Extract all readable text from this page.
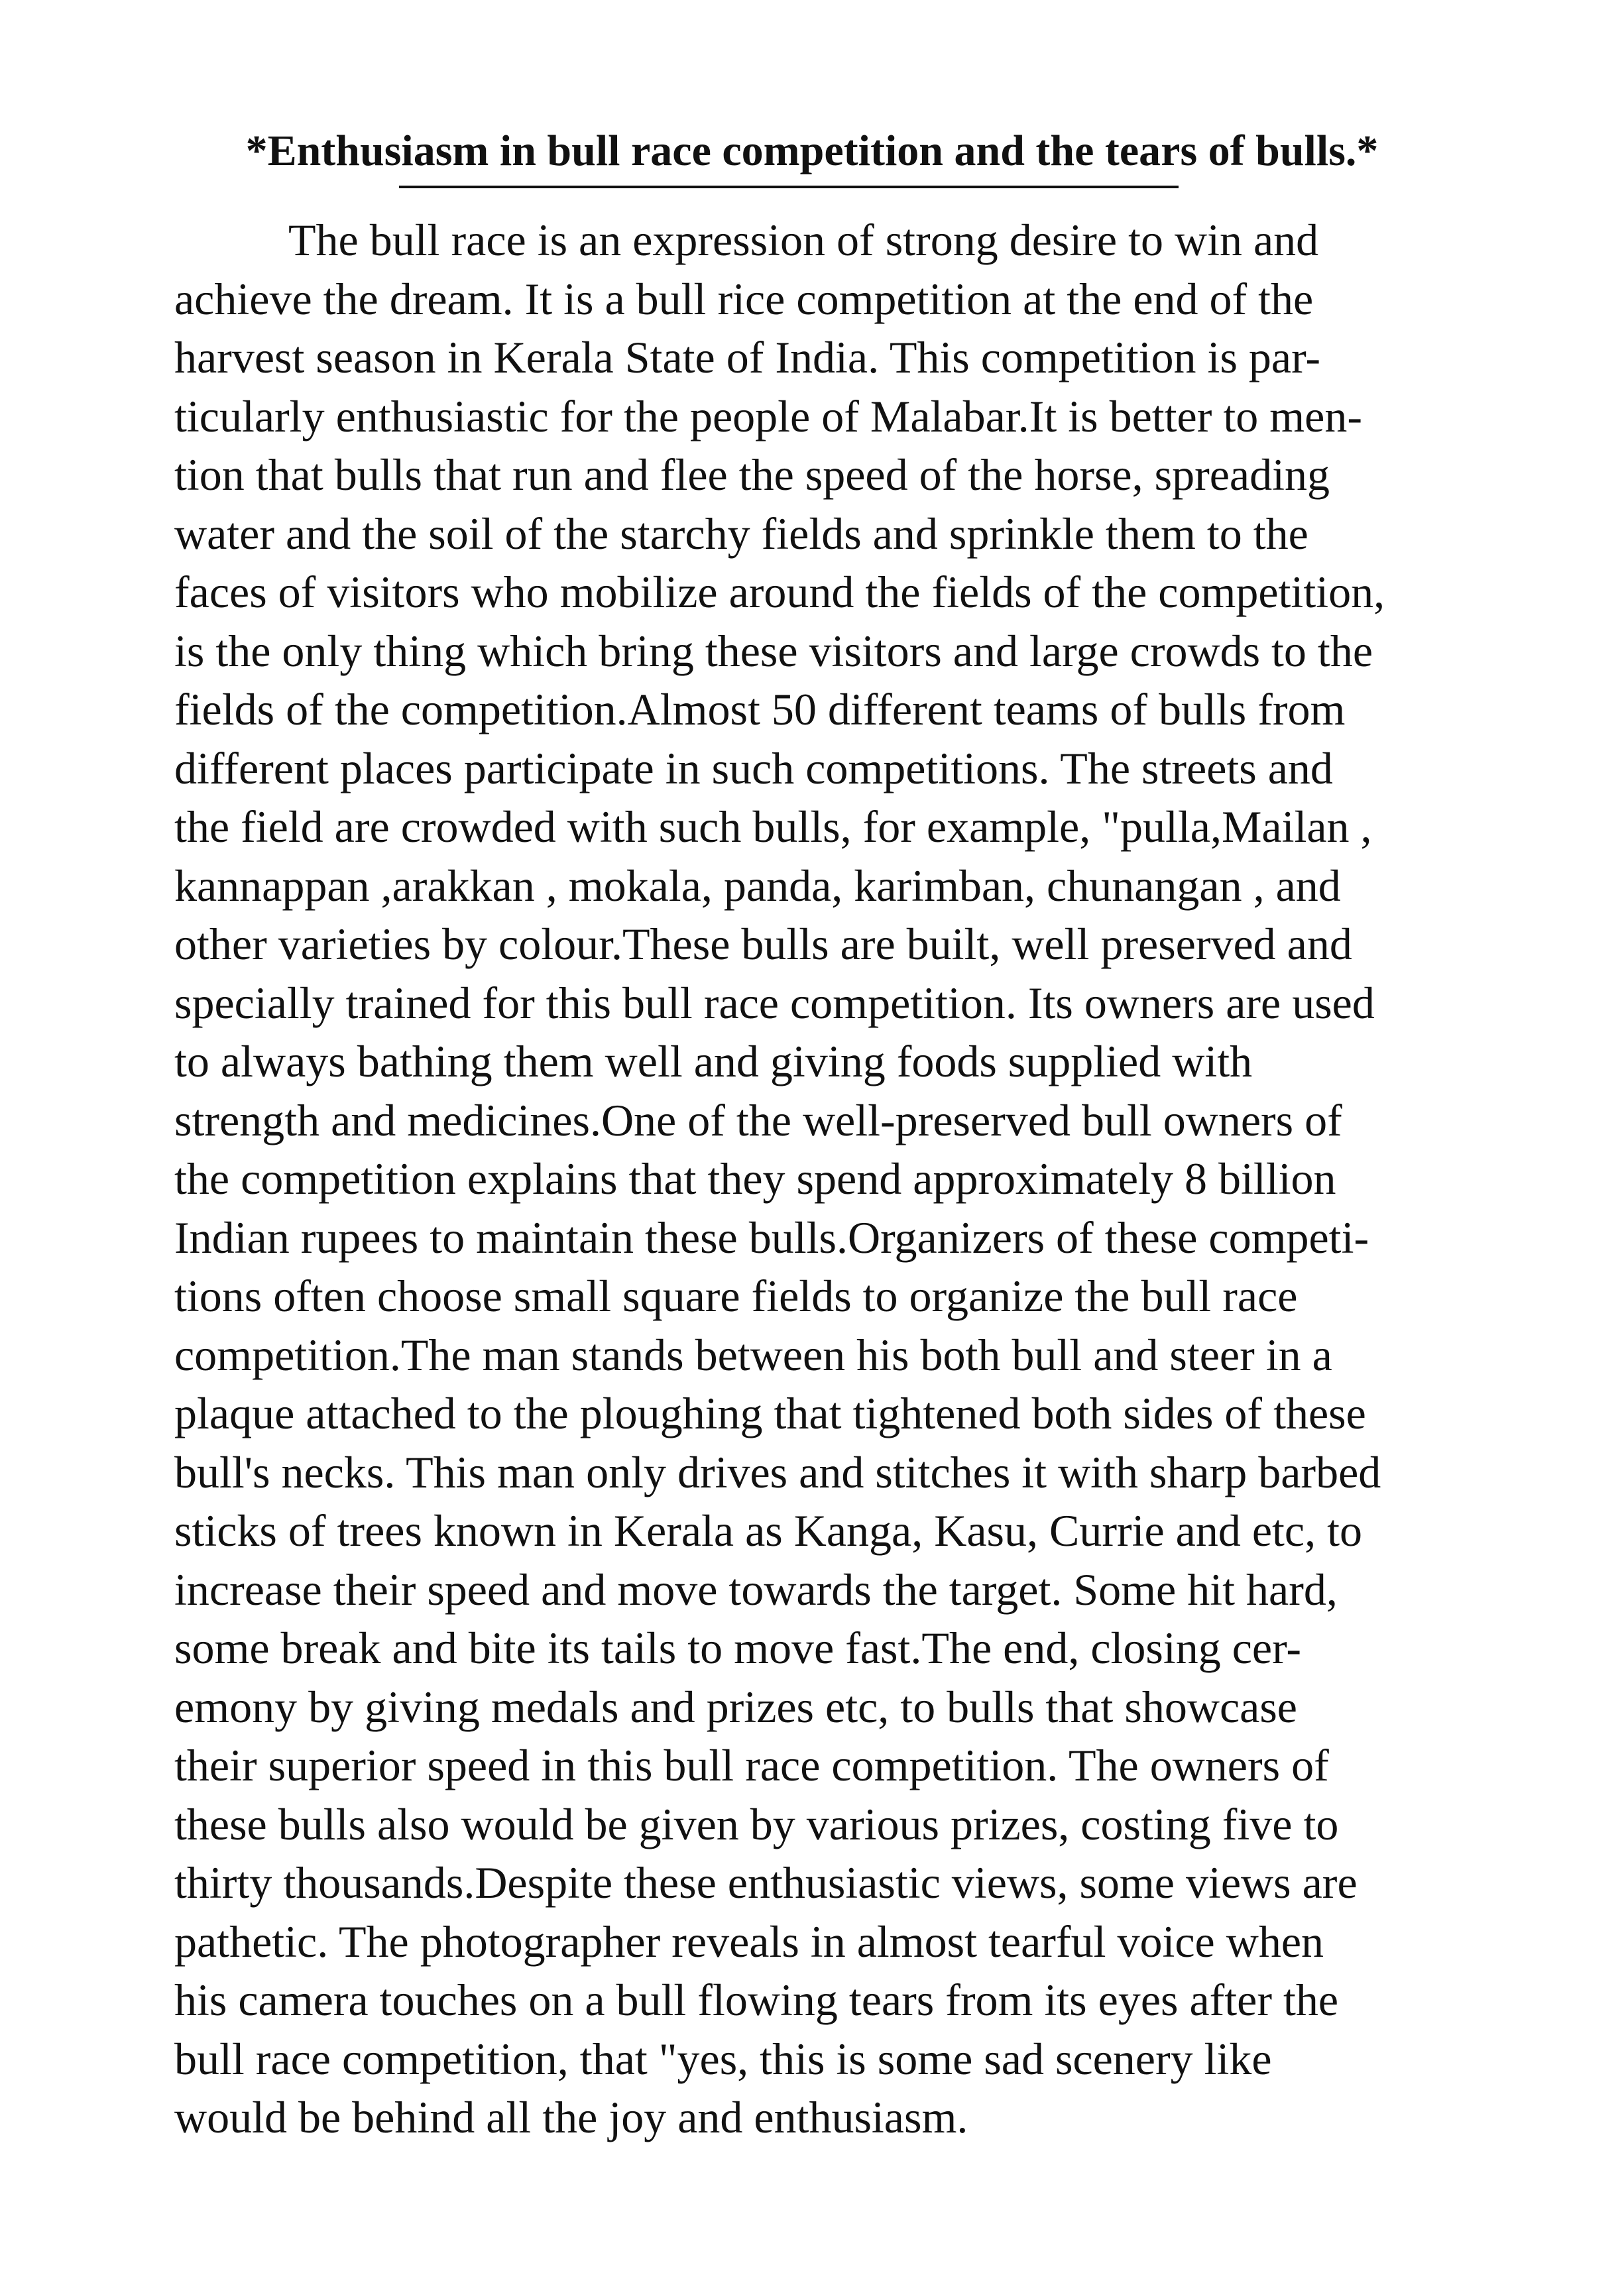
*Enthusiasm in bull race competition and the tears of bulls.*
The bull race is an expression of strong desire to win and
achieve the dream. It is a bull rice competition at the end of the
harvest season in Kerala State of India. This competition is par-
ticularly enthusiastic for the people of Malabar.It is better to men-
tion that bulls that run and flee the speed of the horse, spreading
water and the soil of the starchy fields and sprinkle them to the
faces of visitors who mobilize around the fields of the competition,
is the only thing which bring these visitors and large crowds to the
fields of the competition.Almost 50 different teams of bulls from
different places participate in such competitions. The streets and
the field are crowded with such bulls, for example, "pulla,Mailan ,
kannappan ,arakkan , mokala, panda, karimban, chunangan , and
other varieties by colour.These bulls are built, well preserved and
specially trained for this bull race competition. Its owners are used
to always bathing them well and giving foods supplied with
strength and medicines.One of the well-preserved bull owners of
the competition explains that they spend approximately 8 billion
Indian rupees to maintain these bulls.Organizers of these competi-
tions often choose small square fields to organize the bull race
competition.The man stands between his both bull and steer in a
plaque attached to the ploughing that tightened both sides of these
bull's necks. This man only drives and stitches it with sharp barbed
sticks of trees known in Kerala as Kanga, Kasu, Currie and etc, to
increase their speed and move towards the target. Some hit hard,
some break and bite its tails to move fast.The end, closing cer-
emony by giving medals and prizes etc, to bulls that showcase
their superior speed in this bull race competition. The owners of
these bulls also would be given by various prizes, costing five to
thirty thousands.Despite these enthusiastic views, some views are
pathetic. The photographer reveals in almost tearful voice when
his camera touches on a bull flowing tears from its eyes after the
bull race competition, that "yes, this is some sad scenery like
would be behind all the joy and enthusiasm.
